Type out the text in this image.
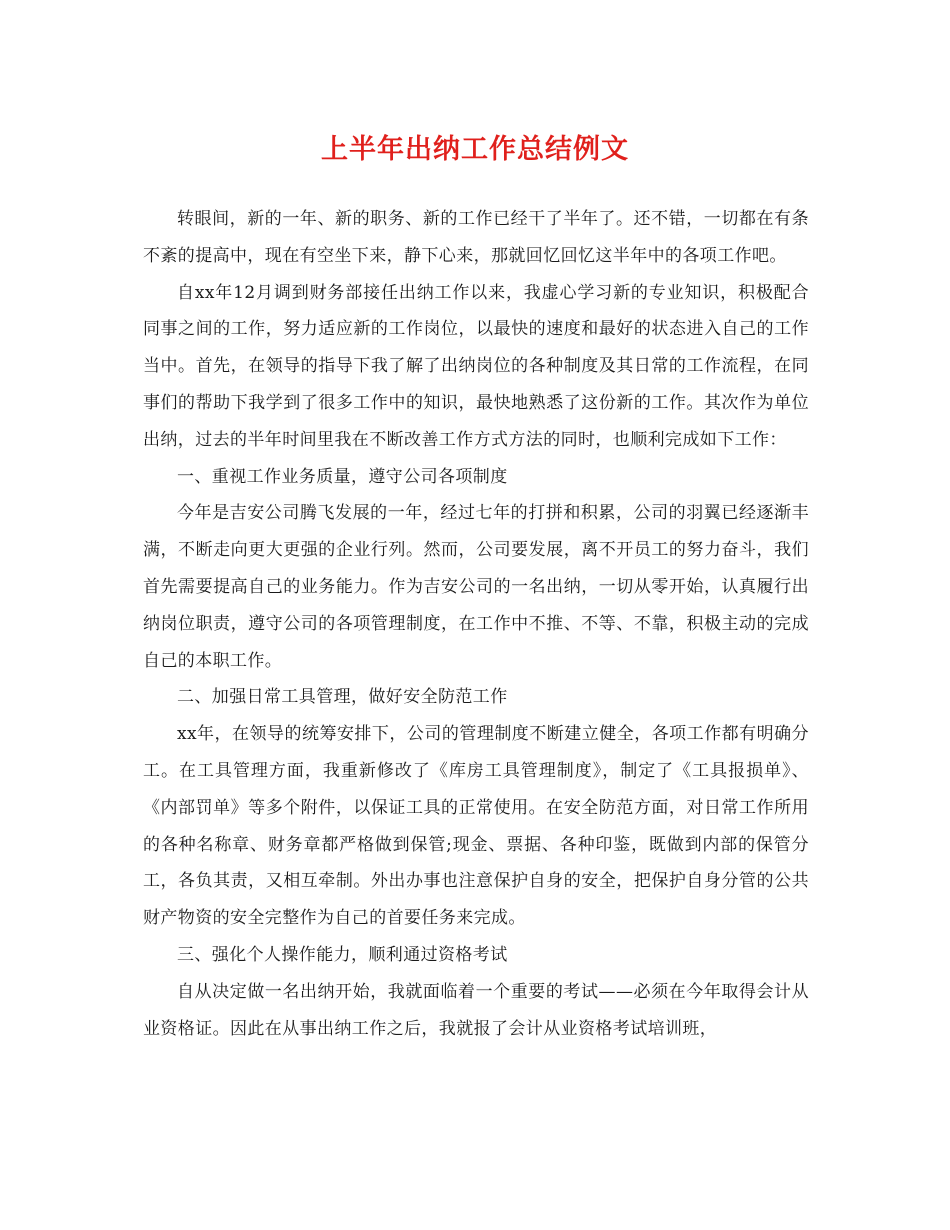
上半年出纳工作总结例文

转眼间，新的一年、新的职务、新的工作已经干了半年了。还不错，一切都在有条不紊的提高中，现在有空坐下来，静下心来，那就回忆回忆这半年中的各项工作吧。

自xx年12月调到财务部接任出纳工作以来，我虚心学习新的专业知识，积极配合同事之间的工作，努力适应新的工作岗位，以最快的速度和最好的状态进入自己的工作当中。首先，在领导的指导下我了解了出纳岗位的各种制度及其日常的工作流程，在同事们的帮助下我学到了很多工作中的知识，最快地熟悉了这份新的工作。其次作为单位出纳，过去的半年时间里我在不断改善工作方式方法的同时，也顺利完成如下工作：

一、重视工作业务质量，遵守公司各项制度

今年是吉安公司腾飞发展的一年，经过七年的打拼和积累，公司的羽翼已经逐渐丰满，不断走向更大更强的企业行列。然而，公司要发展，离不开员工的努力奋斗，我们首先需要提高自己的业务能力。作为吉安公司的一名出纳，一切从零开始，认真履行出纳岗位职责，遵守公司的各项管理制度，在工作中不推、不等、不靠，积极主动的完成自己的本职工作。

二、加强日常工具管理，做好安全防范工作

xx年，在领导的统筹安排下，公司的管理制度不断建立健全，各项工作都有明确分工。在工具管理方面，我重新修改了《库房工具管理制度》，制定了《工具报损单》、《内部罚单》等多个附件，以保证工具的正常使用。在安全防范方面，对日常工作所用的各种名称章、财务章都严格做到保管;现金、票据、各种印鉴，既做到内部的保管分工，各负其责，又相互牵制。外出办事也注意保护自身的安全，把保护自身分管的公共财产物资的安全完整作为自己的首要任务来完成。

三、强化个人操作能力，顺利通过资格考试

自从决定做一名出纳开始，我就面临着一个重要的考试——必须在今年取得会计从业资格证。因此在从事出纳工作之后，我就报了会计从业资格考试培训班，
